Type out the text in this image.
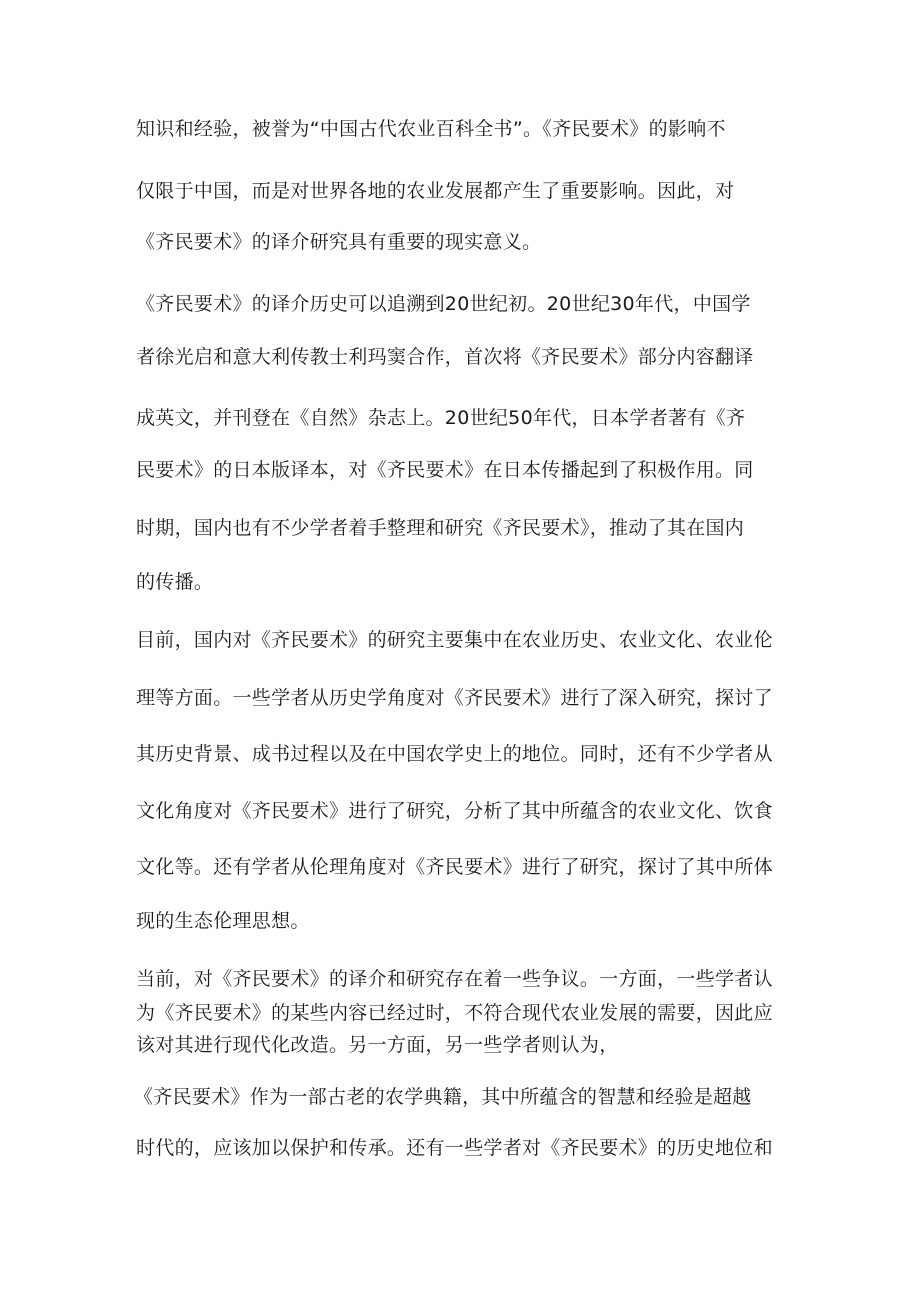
知识和经验，被誉为“中国古代农业百科全书”。《齐民要术》的影响不
仅限于中国，而是对世界各地的农业发展都产生了重要影响。因此，对
《齐民要术》的译介研究具有重要的现实意义。
《齐民要术》的译介历史可以追溯到20世纪初。20世纪30年代，中国学
者徐光启和意大利传教士利玛窦合作，首次将《齐民要术》部分内容翻译
成英文，并刊登在《自然》杂志上。20世纪50年代，日本学者著有《齐
民要术》的日本版译本，对《齐民要术》在日本传播起到了积极作用。同
时期，国内也有不少学者着手整理和研究《齐民要术》，推动了其在国内
的传播。
目前，国内对《齐民要术》的研究主要集中在农业历史、农业文化、农业伦
理等方面。一些学者从历史学角度对《齐民要术》进行了深入研究，探讨了
其历史背景、成书过程以及在中国农学史上的地位。同时，还有不少学者从
文化角度对《齐民要术》进行了研究，分析了其中所蕴含的农业文化、饮食
文化等。还有学者从伦理角度对《齐民要术》进行了研究，探讨了其中所体
现的生态伦理思想。
当前，对《齐民要术》的译介和研究存在着一些争议。一方面，一些学者认
为《齐民要术》的某些内容已经过时，不符合现代农业发展的需要，因此应
该对其进行现代化改造。另一方面，另一些学者则认为，
《齐民要术》作为一部古老的农学典籍，其中所蕴含的智慧和经验是超越
时代的，应该加以保护和传承。还有一些学者对《齐民要术》的历史地位和
